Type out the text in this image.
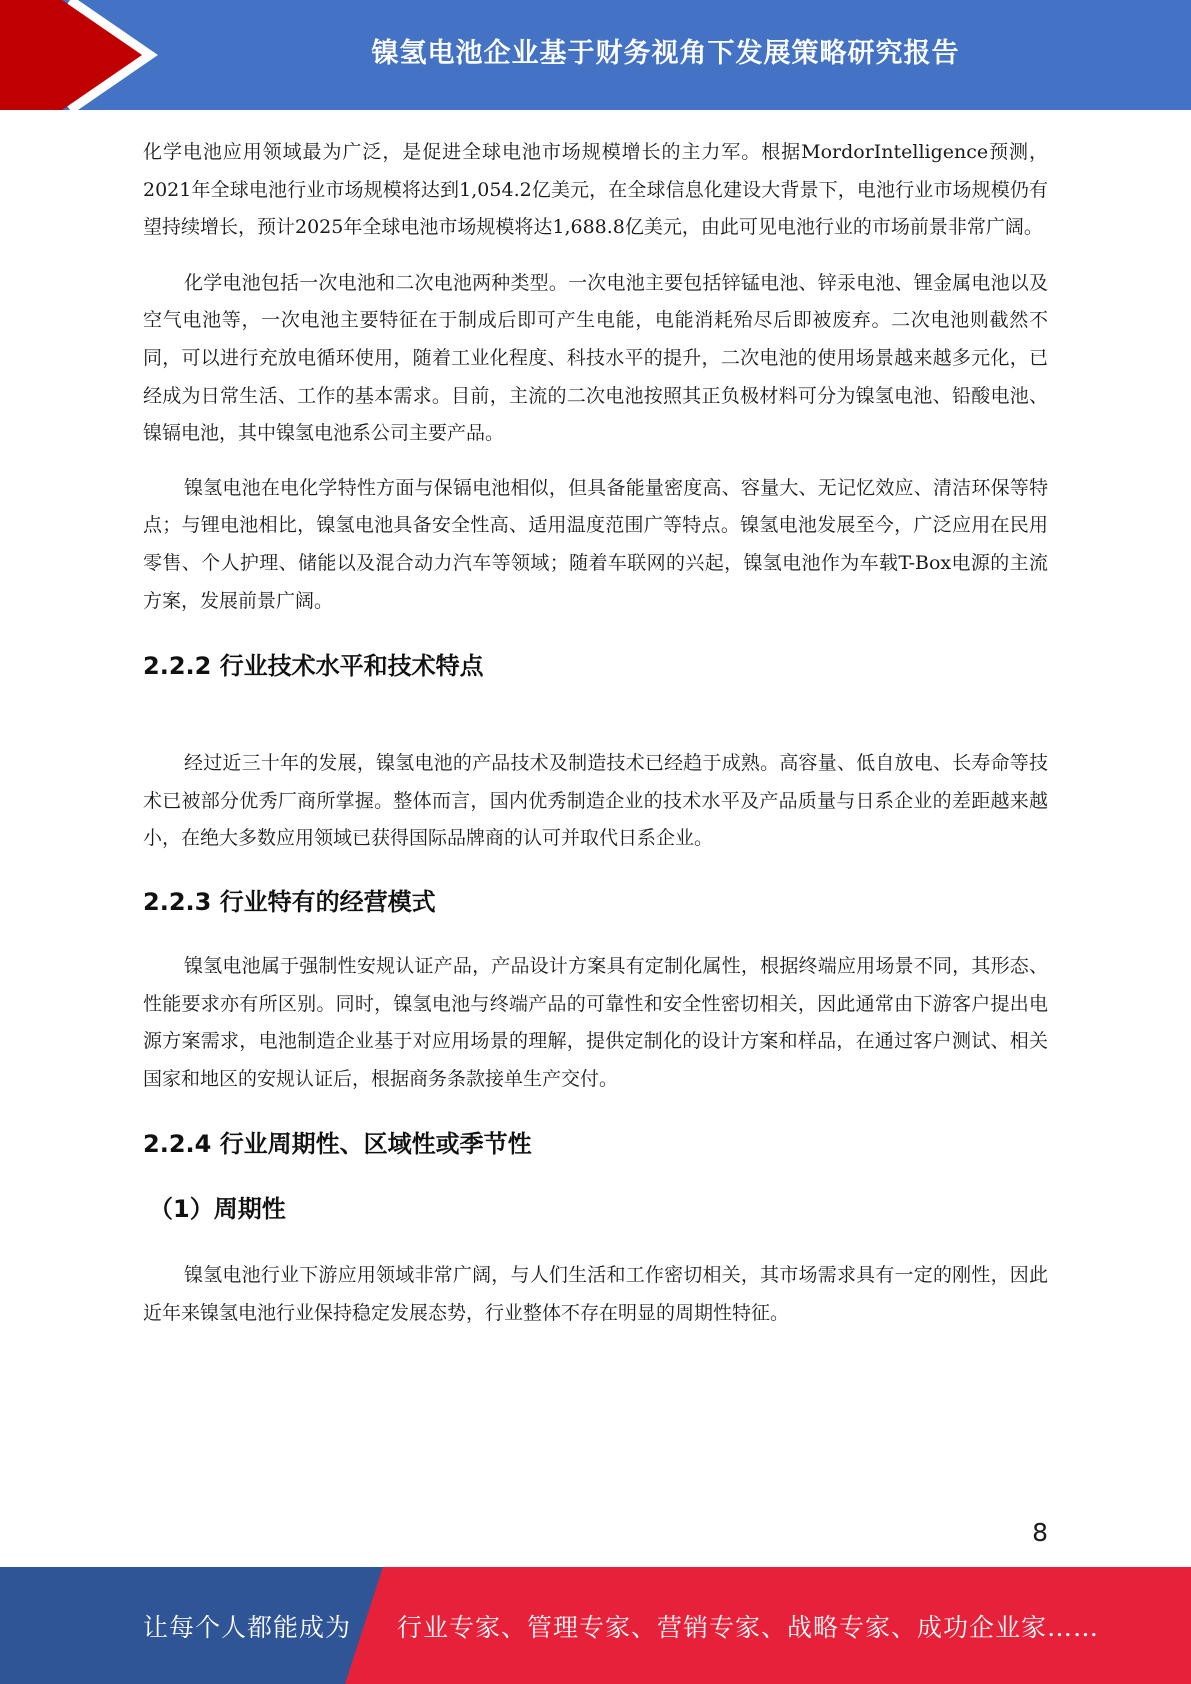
镍氢电池企业基于财务视角下发展策略研究报告

化学电池应用领域最为广泛，是促进全球电池市场规模增长的主力军。根据MordorIntelligence预测，2021年全球电池行业市场规模将达到1,054.2亿美元，在全球信息化建设大背景下，电池行业市场规模仍有望持续增长，预计2025年全球电池市场规模将达1,688.8亿美元，由此可见电池行业的市场前景非常广阔。

化学电池包括一次电池和二次电池两种类型。一次电池主要包括锌锰电池、锌汞电池、锂金属电池以及空气电池等，一次电池主要特征在于制成后即可产生电能，电能消耗殆尽后即被废弃。二次电池则截然不同，可以进行充放电循环使用，随着工业化程度、科技水平的提升，二次电池的使用场景越来越多元化，已经成为日常生活、工作的基本需求。目前，主流的二次电池按照其正负极材料可分为镍氢电池、铅酸电池、镍镉电池，其中镍氢电池系公司主要产品。

镍氢电池在电化学特性方面与保镉电池相似，但具备能量密度高、容量大、无记忆效应、清洁环保等特点；与锂电池相比，镍氢电池具备安全性高、适用温度范围广等特点。镍氢电池发展至今，广泛应用在民用零售、个人护理、储能以及混合动力汽车等领域；随着车联网的兴起，镍氢电池作为车载T-Box电源的主流方案，发展前景广阔。

2.2.2 行业技术水平和技术特点

经过近三十年的发展，镍氢电池的产品技术及制造技术已经趋于成熟。高容量、低自放电、长寿命等技术已被部分优秀厂商所掌握。整体而言，国内优秀制造企业的技术水平及产品质量与日系企业的差距越来越小，在绝大多数应用领域已获得国际品牌商的认可并取代日系企业。

2.2.3 行业特有的经营模式

镍氢电池属于强制性安规认证产品，产品设计方案具有定制化属性，根据终端应用场景不同，其形态、性能要求亦有所区别。同时，镍氢电池与终端产品的可靠性和安全性密切相关，因此通常由下游客户提出电源方案需求，电池制造企业基于对应用场景的理解，提供定制化的设计方案和样品，在通过客户测试、相关国家和地区的安规认证后，根据商务条款接单生产交付。

2.2.4 行业周期性、区域性或季节性
（1）周期性

镍氢电池行业下游应用领域非常广阔，与人们生活和工作密切相关，其市场需求具有一定的刚性，因此近年来镍氢电池行业保持稳定发展态势，行业整体不存在明显的周期性特征。

8
让每个人都能成为 行业专家、管理专家、营销专家、战略专家、成功企业家……
